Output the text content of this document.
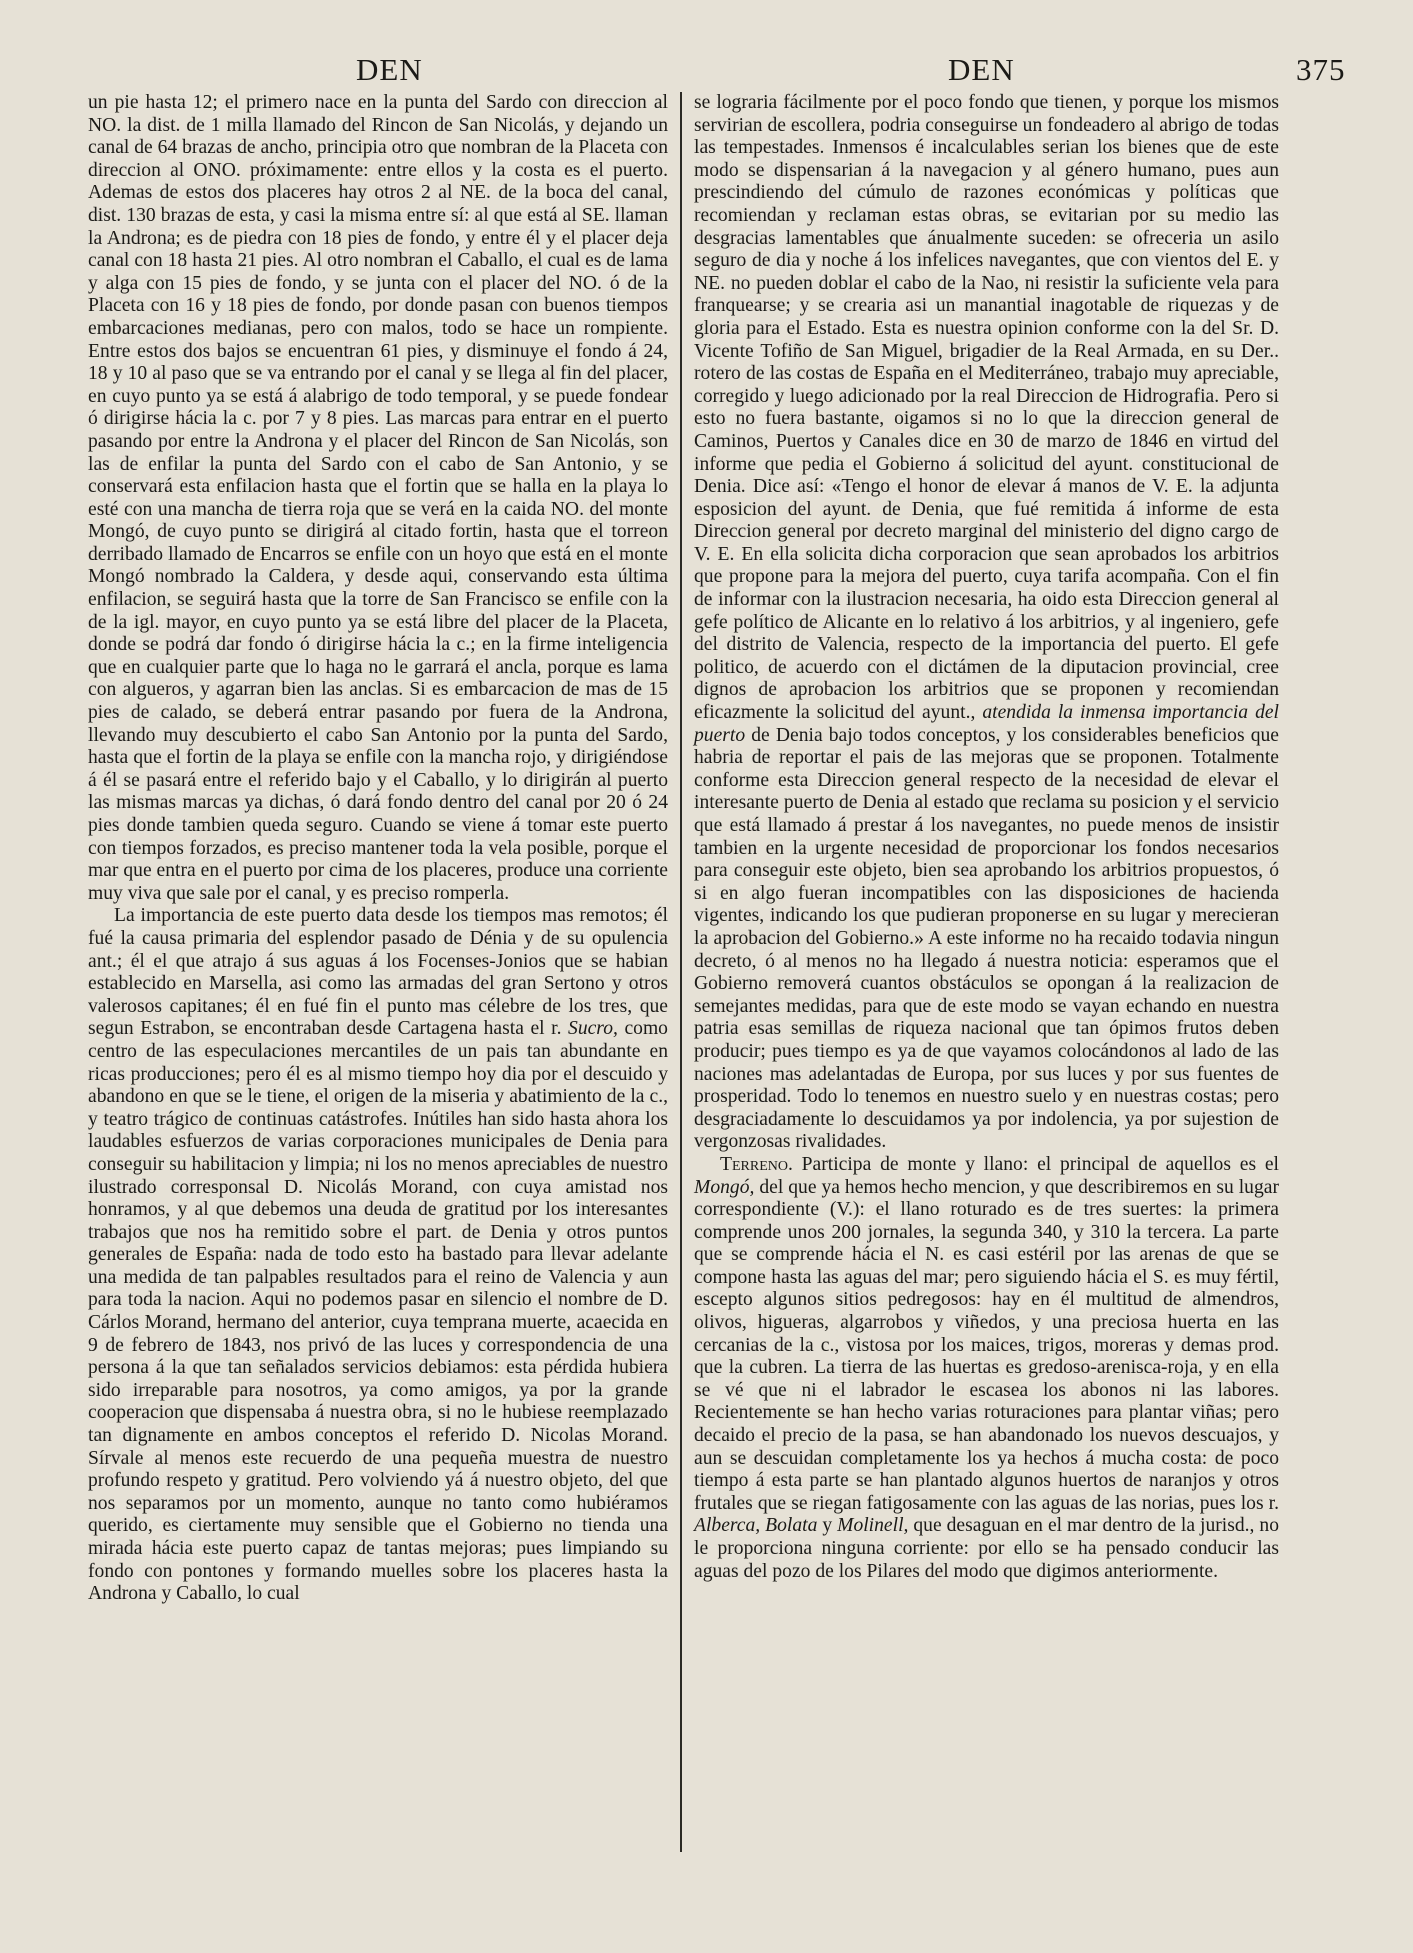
DEN	DEN	375

un pie hasta 12; el primero nace en la punta del Sardo con direccion al NO. la dist. de 1 milla llamado del Rincon de San Nicolás, y dejando un canal de 64 brazas de ancho, principia otro que nombran de la Placeta con direccion al ONO. próximamente: entre ellos y la costa es el puerto. Ademas de estos dos placeres hay otros 2 al NE. de la boca del canal, dist. 130 brazas de esta, y casi la misma entre sí: al que está al SE. llaman la Androna; es de piedra con 18 pies de fondo, y entre él y el placer deja canal con 18 hasta 21 pies. Al otro nombran el Caballo, el cual es de lama y alga con 15 pies de fondo, y se junta con el placer del NO. ó de la Placeta con 16 y 18 pies de fondo, por donde pasan con buenos tiempos embarcaciones medianas, pero con malos, todo se hace un rompiente. Entre estos dos bajos se encuentran 61 pies, y disminuye el fondo á 24, 18 y 10 al paso que se va entrando por el canal y se llega al fin del placer, en cuyo punto ya se está á alabrigo de todo temporal, y se puede fondear ó dirigirse hácia la c. por 7 y 8 pies. Las marcas para entrar en el puerto pasando por entre la Androna y el placer del Rincon de San Nicolás, son las de enfilar la punta del Sardo con el cabo de San Antonio, y se conservará esta enfilacion hasta que el fortin que se halla en la playa lo esté con una mancha de tierra roja que se verá en la caida NO. del monte Mongó, de cuyo punto se dirigirá al citado fortin, hasta que el torreon derribado llamado de Encarros se enfile con un hoyo que está en el monte Mongó nombrado la Caldera, y desde aqui, conservando esta última enfilacion, se seguirá hasta que la torre de San Francisco se enfile con la de la igl. mayor, en cuyo punto ya se está libre del placer de la Placeta, donde se podrá dar fondo ó dirigirse hácia la c.; en la firme inteligencia que en cualquier parte que lo haga no le garrará el ancla, porque es lama con algueros, y agarran bien las anclas. Si es embarcacion de mas de 15 pies de calado, se deberá entrar pasando por fuera de la Androna, llevando muy descubierto el cabo San Antonio por la punta del Sardo, hasta que el fortin de la playa se enfile con la mancha rojo, y dirigiéndose á él se pasará entre el referido bajo y el Caballo, y lo dirigirán al puerto las mismas marcas ya dichas, ó dará fondo dentro del canal por 20 ó 24 pies donde tambien queda seguro. Cuando se viene á tomar este puerto con tiempos forzados, es preciso mantener toda la vela posible, porque el mar que entra en el puerto por cima de los placeres, produce una corriente muy viva que sale por el canal, y es preciso romperla.

La importancia de este puerto data desde los tiempos mas remotos; él fué la causa primaria del esplendor pasado de Dénia y de su opulencia ant.; él el que atrajo á sus aguas á los Focenses-Jonios que se habian establecido en Marsella, asi como las armadas del gran Sertono y otros valerosos capitanes; él en fué fin el punto mas célebre de los tres, que segun Estrabon, se encontraban desde Cartagena hasta el r. Sucro, como centro de las especulaciones mercantiles de un pais tan abundante en ricas producciones; pero él es al mismo tiempo hoy dia por el descuido y abandono en que se le tiene, el origen de la miseria y abatimiento de la c., y teatro trágico de continuas catástrofes. Inútiles han sido hasta ahora los laudables esfuerzos de varias corporaciones municipales de Denia para conseguir su habilitacion y limpia; ni los no menos apreciables de nuestro ilustrado corresponsal D. Nicolás Morand, con cuya amistad nos honramos, y al que debemos una deuda de gratitud por los interesantes trabajos que nos ha remitido sobre el part. de Denia y otros puntos generales de España: nada de todo esto ha bastado para llevar adelante una medida de tan palpables resultados para el reino de Valencia y aun para toda la nacion. Aqui no podemos pasar en silencio el nombre de D. Cárlos Morand, hermano del anterior, cuya temprana muerte, acaecida en 9 de febrero de 1843, nos privó de las luces y correspondencia de una persona á la que tan señalados servicios debiamos: esta pérdida hubiera sido irreparable para nosotros, ya como amigos, ya por la grande cooperacion que dispensaba á nuestra obra, si no le hubiese reemplazado tan dignamente en ambos conceptos el referido D. Nicolas Morand. Sírvale al menos este recuerdo de una pequeña muestra de nuestro profundo respeto y gratitud. Pero volviendo yá á nuestro objeto, del que nos separamos por un momento, aunque no tanto como hubiéramos querido, es ciertamente muy sensible que el Gobierno no tienda una mirada hácia este puerto capaz de tantas mejoras; pues limpiando su fondo con pontones y formando muelles sobre los placeres hasta la Androna y Caballo, lo cual

se lograria fácilmente por el poco fondo que tienen, y porque los mismos servirian de escollera, podria conseguirse un fondeadero al abrigo de todas las tempestades. Inmensos é incalculables serian los bienes que de este modo se dispensarian á la navegacion y al género humano, pues aun prescindiendo del cúmulo de razones económicas y políticas que recomiendan y reclaman estas obras, se evitarian por su medio las desgracias lamentables que ánualmente suceden: se ofreceria un asilo seguro de dia y noche á los infelices navegantes, que con vientos del E. y NE. no pueden doblar el cabo de la Nao, ni resistir la suficiente vela para franquearse; y se crearia asi un manantial inagotable de riquezas y de gloria para el Estado. Esta es nuestra opinion conforme con la del Sr. D. Vicente Tofiño de San Miguel, brigadier de la Real Armada, en su Der.. rotero de las costas de España en el Mediterráneo, trabajo muy apreciable, corregido y luego adicionado por la real Direccion de Hidrografia. Pero si esto no fuera bastante, oigamos si no lo que la direccion general de Caminos, Puertos y Canales dice en 30 de marzo de 1846 en virtud del informe que pedia el Gobierno á solicitud del ayunt. constitucional de Denia. Dice así: «Tengo el honor de elevar á manos de V. E. la adjunta esposicion del ayunt. de Denia, que fué remitida á informe de esta Direccion general por decreto marginal del ministerio del digno cargo de V. E. En ella solicita dicha corporacion que sean aprobados los arbitrios que propone para la mejora del puerto, cuya tarifa acompaña. Con el fin de informar con la ilustracion necesaria, ha oido esta Direccion general al gefe político de Alicante en lo relativo á los arbitrios, y al ingeniero, gefe del distrito de Valencia, respecto de la importancia del puerto. El gefe politico, de acuerdo con el dictámen de la diputacion provincial, cree dignos de aprobacion los arbitrios que se proponen y recomiendan eficazmente la solicitud del ayunt., atendida la inmensa importancia del puerto de Denia bajo todos conceptos, y los considerables beneficios que habria de reportar el pais de las mejoras que se proponen. Totalmente conforme esta Direccion general respecto de la necesidad de elevar el interesante puerto de Denia al estado que reclama su posicion y el servicio que está llamado á prestar á los navegantes, no puede menos de insistir tambien en la urgente necesidad de proporcionar los fondos necesarios para conseguir este objeto, bien sea aprobando los arbitrios propuestos, ó si en algo fueran incompatibles con las disposiciones de hacienda vigentes, indicando los que pudieran proponerse en su lugar y merecieran la aprobacion del Gobierno.» A este informe no ha recaido todavia ningun decreto, ó al menos no ha llegado á nuestra noticia: esperamos que el Gobierno removerá cuantos obstáculos se opongan á la realizacion de semejantes medidas, para que de este modo se vayan echando en nuestra patria esas semillas de riqueza nacional que tan ópimos frutos deben producir; pues tiempo es ya de que vayamos colocándonos al lado de las naciones mas adelantadas de Europa, por sus luces y por sus fuentes de prosperidad. Todo lo tenemos en nuestro suelo y en nuestras costas; pero desgraciadamente lo descuidamos ya por indolencia, ya por sujestion de vergonzosas rivalidades.

Terreno. Participa de monte y llano: el principal de aquellos es el Mongó, del que ya hemos hecho mencion, y que describiremos en su lugar correspondiente (V.): el llano roturado es de tres suertes: la primera comprende unos 200 jornales, la segunda 340, y 310 la tercera. La parte que se comprende hácia el N. es casi estéril por las arenas de que se compone hasta las aguas del mar; pero siguiendo hácia el S. es muy fértil, escepto algunos sitios pedregosos: hay en él multitud de almendros, olivos, higueras, algarrobos y viñedos, y una preciosa huerta en las cercanias de la c., vistosa por los maices, trigos, moreras y demas prod. que la cubren. La tierra de las huertas es gredoso-arenisca-roja, y en ella se vé que ni el labrador le escasea los abonos ni las labores. Recientemente se han hecho varias roturaciones para plantar viñas; pero decaido el precio de la pasa, se han abandonado los nuevos descuajos, y aun se descuidan completamente los ya hechos á mucha costa: de poco tiempo á esta parte se han plantado algunos huertos de naranjos y otros frutales que se riegan fatigosamente con las aguas de las norias, pues los r. Alberca, Bolata y Molinell, que desaguan en el mar dentro de la jurisd., no le proporciona ninguna corriente: por ello se ha pensado conducir las aguas del pozo de los Pilares del modo que digimos anteriormente.
